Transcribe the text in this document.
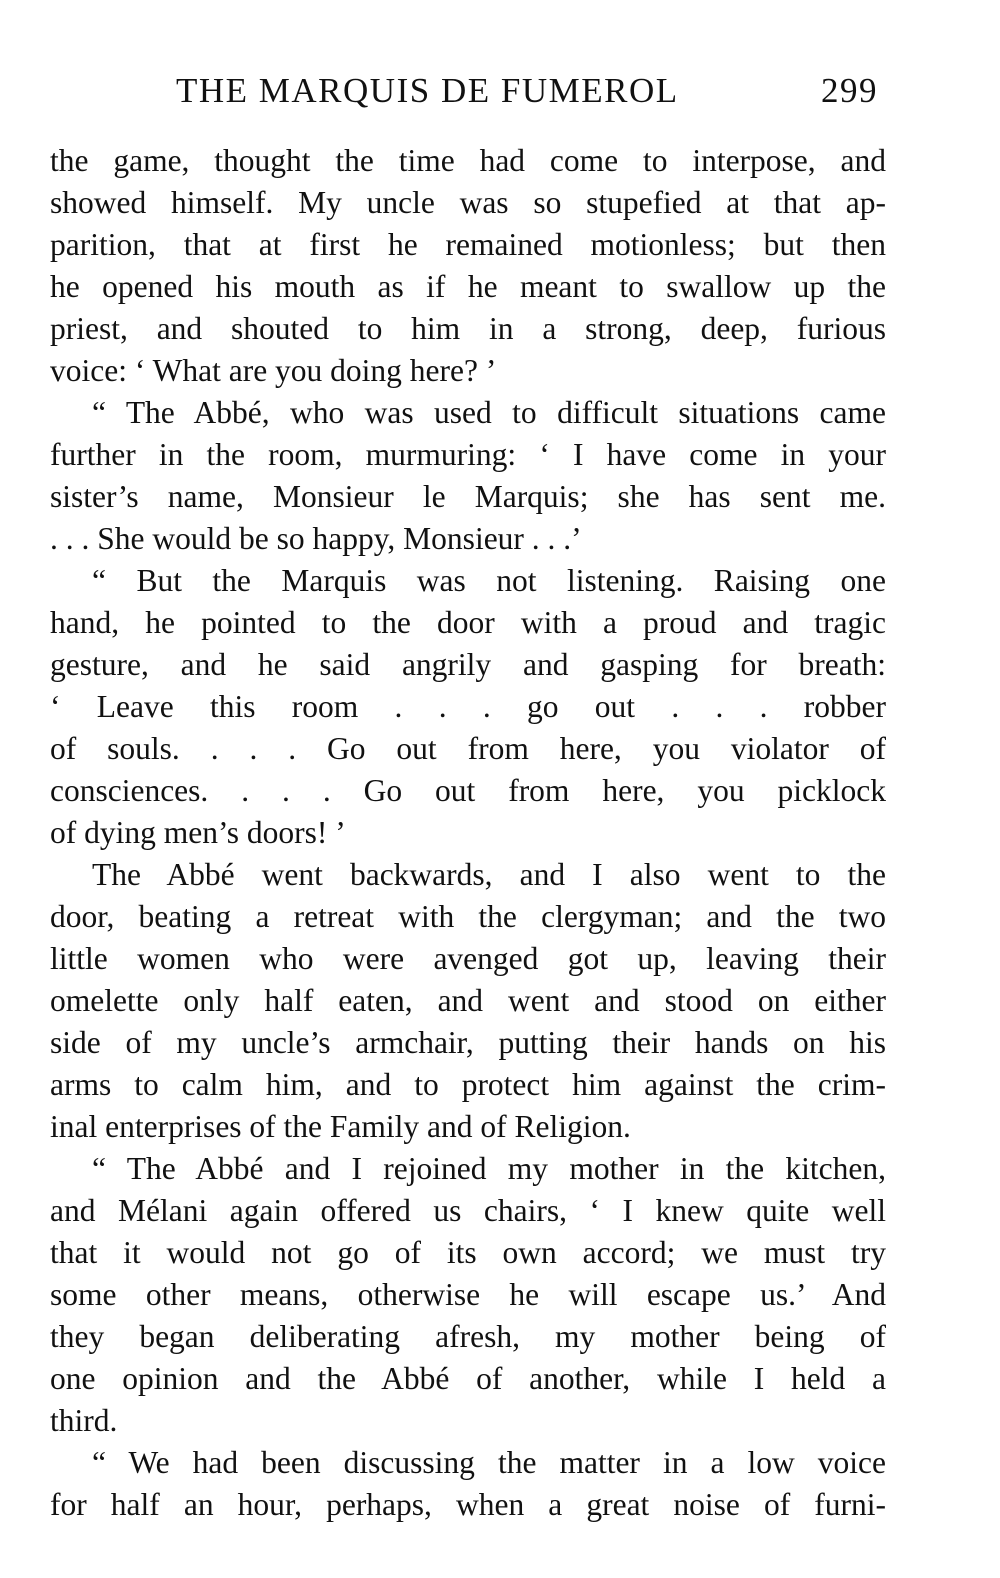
THE MARQUIS DE FUMEROL	299
the game, thought the time had come to interpose, and
showed himself. My uncle was so stupefied at that ap-
parition, that at first he remained motionless; but then
he opened his mouth as if he meant to swallow up the
priest, and shouted to him in a strong, deep, furious
voice: ‘ What are you doing here? ’
“ The Abbé, who was used to difficult situations came
further in the room, murmuring: ‘ I have come in your
sister’s name, Monsieur le Marquis; she has sent me.
. . . She would be so happy, Monsieur . . .’
“ But the Marquis was not listening. Raising one
hand, he pointed to the door with a proud and tragic
gesture, and he said angrily and gasping for breath:
‘ Leave this room . . . go out . . . robber
of souls. . . . Go out from here, you violator of
consciences. . . . Go out from here, you picklock
of dying men’s doors! ’
The Abbé went backwards, and I also went to the
door, beating a retreat with the clergyman; and the two
little women who were avenged got up, leaving their
omelette only half eaten, and went and stood on either
side of my uncle’s armchair, putting their hands on his
arms to calm him, and to protect him against the crim-
inal enterprises of the Family and of Religion.
“ The Abbé and I rejoined my mother in the kitchen,
and Mélani again offered us chairs, ‘ I knew quite well
that it would not go of its own accord; we must try
some other means, otherwise he will escape us.’ And
they began deliberating afresh, my mother being of
one opinion and the Abbé of another, while I held a
third.
“ We had been discussing the matter in a low voice
for half an hour, perhaps, when a great noise of furni-
